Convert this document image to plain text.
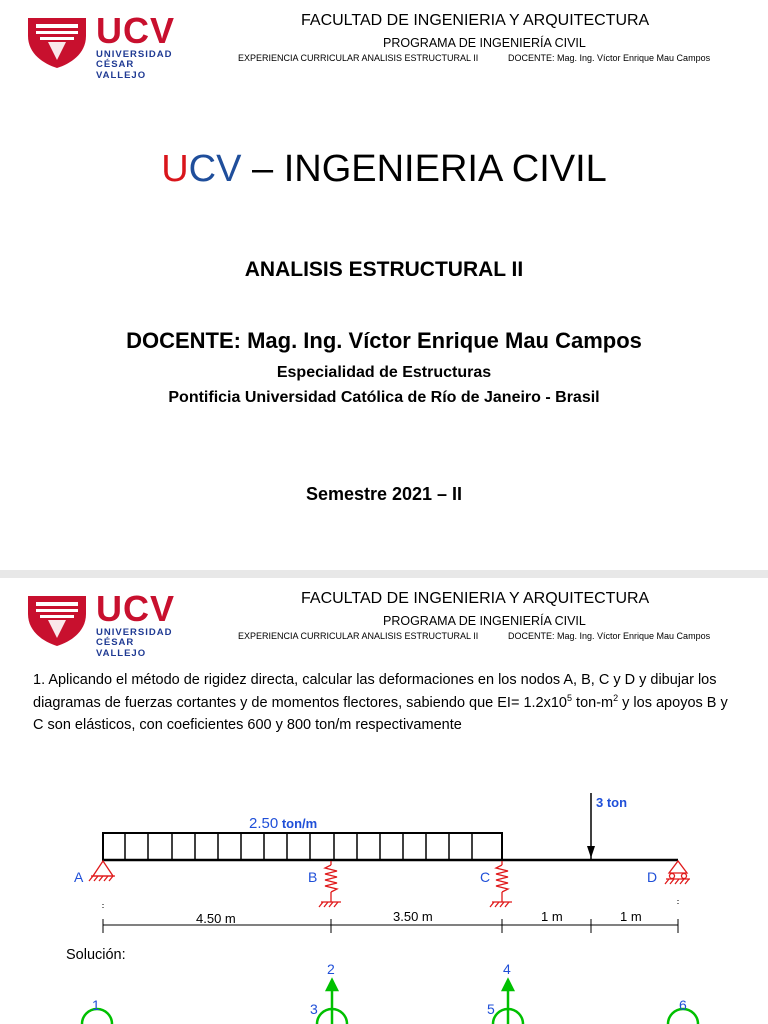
UCV
UNIVERSIDAD
CÉSAR VALLEJO
FACULTAD DE INGENIERIA Y ARQUITECTURA
PROGRAMA DE INGENIERÍA CIVIL
EXPERIENCIA CURRICULAR ANALISIS ESTRUCTURAL II	DOCENTE: Mag. Ing. Víctor Enrique Mau Campos
UCV – INGENIERIA CIVIL
ANALISIS ESTRUCTURAL II
DOCENTE: Mag. Ing. Víctor Enrique Mau Campos
Especialidad de Estructuras
Pontificia Universidad Católica de Río de Janeiro - Brasil
Semestre 2021 – II
UCV
UNIVERSIDAD
CÉSAR VALLEJO
FACULTAD DE INGENIERIA Y ARQUITECTURA
PROGRAMA DE INGENIERÍA CIVIL
EXPERIENCIA CURRICULAR ANALISIS ESTRUCTURAL II	DOCENTE: Mag. Ing. Víctor Enrique Mau Campos
1. Aplicando el método de rigidez directa, calcular las deformaciones en los nodos A, B, C y D y dibujar los diagramas de fuerzas cortantes y de momentos flectores, sabiendo que $EI= 1.2x10^5$ ton-$m^2$ y los apoyos B y C son elásticos, con coeficientes 600 y 800 ton/m respectivamente
2.50 ton/m
3 ton
A	B	C	D
4.50 m	3.50 m	1 m	1 m
1
2
3
4
5	6
Solución:
